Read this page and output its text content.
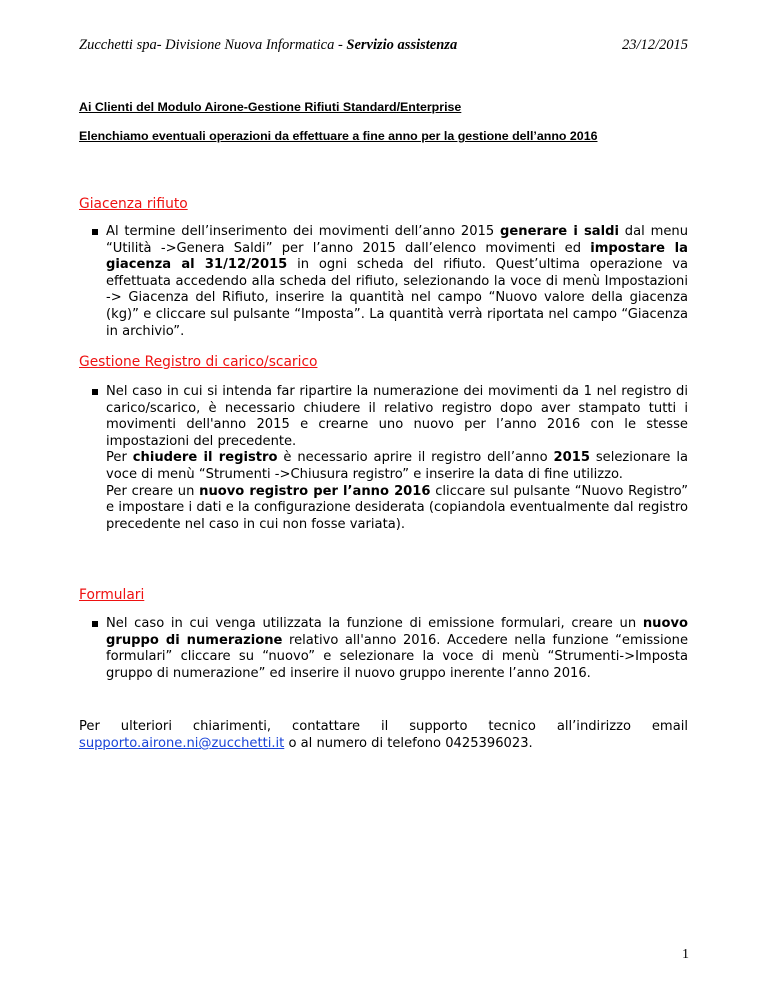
Zucchetti spa- Divisione Nuova Informatica - Servizio assistenza	23/12/2015
Ai Clienti del Modulo Airone-Gestione Rifiuti Standard/Enterprise
Elenchiamo eventuali operazioni da effettuare a fine anno per la gestione dell’anno 2016
Giacenza rifiuto
Al termine dell’inserimento dei movimenti dell’anno 2015 generare i saldi dal menu “Utilità ->Genera Saldi” per l’anno 2015 dall’elenco movimenti ed impostare la giacenza al 31/12/2015 in ogni scheda del rifiuto. Quest’ultima operazione va effettuata accedendo alla scheda del rifiuto, selezionando la voce di menù Impostazioni -> Giacenza del Rifiuto, inserire la quantità nel campo “Nuovo valore della giacenza (kg)” e cliccare sul pulsante “Imposta”. La quantità verrà riportata nel campo “Giacenza in archivio”.
Gestione Registro di carico/scarico
Nel caso in cui si intenda far ripartire la numerazione dei movimenti da 1 nel registro di carico/scarico, è necessario chiudere il relativo registro dopo aver stampato tutti i movimenti dell'anno 2015 e crearne uno nuovo per l’anno 2016 con le stesse impostazioni del precedente.
Per chiudere il registro è necessario aprire il registro dell’anno 2015 selezionare la voce di menù “Strumenti ->Chiusura registro” e inserire la data di fine utilizzo.
Per creare un nuovo registro per l’anno 2016 cliccare sul pulsante “Nuovo Registro” e impostare i dati e la configurazione desiderata (copiandola eventualmente dal registro precedente nel caso in cui non fosse variata).
Formulari
Nel caso in cui venga utilizzata la funzione di emissione formulari, creare un nuovo gruppo di numerazione relativo all'anno 2016. Accedere nella funzione “emissione formulari” cliccare su “nuovo” e selezionare la voce di menù “Strumenti->Imposta gruppo di numerazione” ed inserire il nuovo gruppo inerente l’anno 2016.
Per ulteriori chiarimenti, contattare il supporto tecnico all’indirizzo email supporto.airone.ni@zucchetti.it o al numero di telefono 0425396023.
1
